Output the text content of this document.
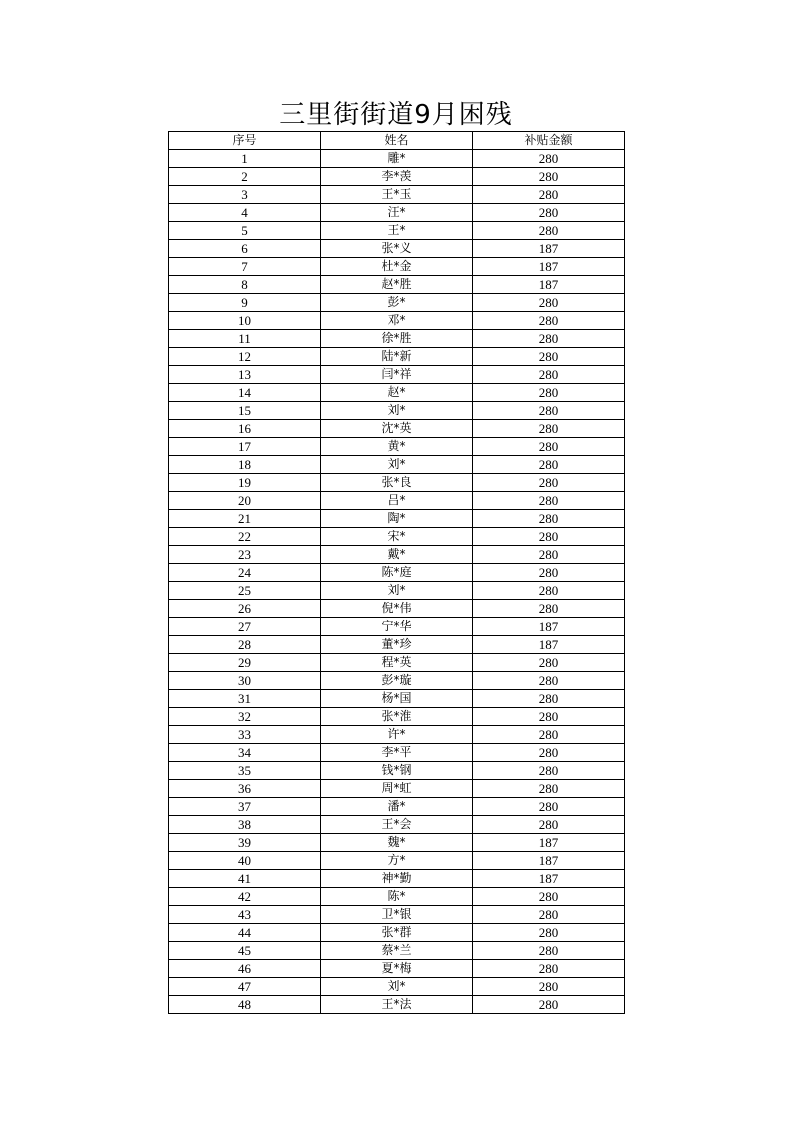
三里街街道9月困残
序号	姓名	补贴金额
1	雕*	280
2	李*羡	280
3	王*玉	280
4	汪*	280
5	王*	280
6	张*义	187
7	杜*金	187
8	赵*胜	187
9	彭*	280
10	邓*	280
11	徐*胜	280
12	陆*新	280
13	闫*祥	280
14	赵*	280
15	刘*	280
16	沈*英	280
17	黄*	280
18	刘*	280
19	张*良	280
20	吕*	280
21	陶*	280
22	宋*	280
23	戴*	280
24	陈*庭	280
25	刘*	280
26	倪*伟	280
27	宁*华	187
28	董*珍	187
29	程*英	280
30	彭*璇	280
31	杨*国	280
32	张*淮	280
33	许*	280
34	李*平	280
35	钱*钢	280
36	周*虹	280
37	潘*	280
38	王*会	280
39	魏*	187
40	方*	187
41	神*勤	187
42	陈*	280
43	卫*银	280
44	张*群	280
45	蔡*兰	280
46	夏*梅	280
47	刘*	280
48	王*法	280
